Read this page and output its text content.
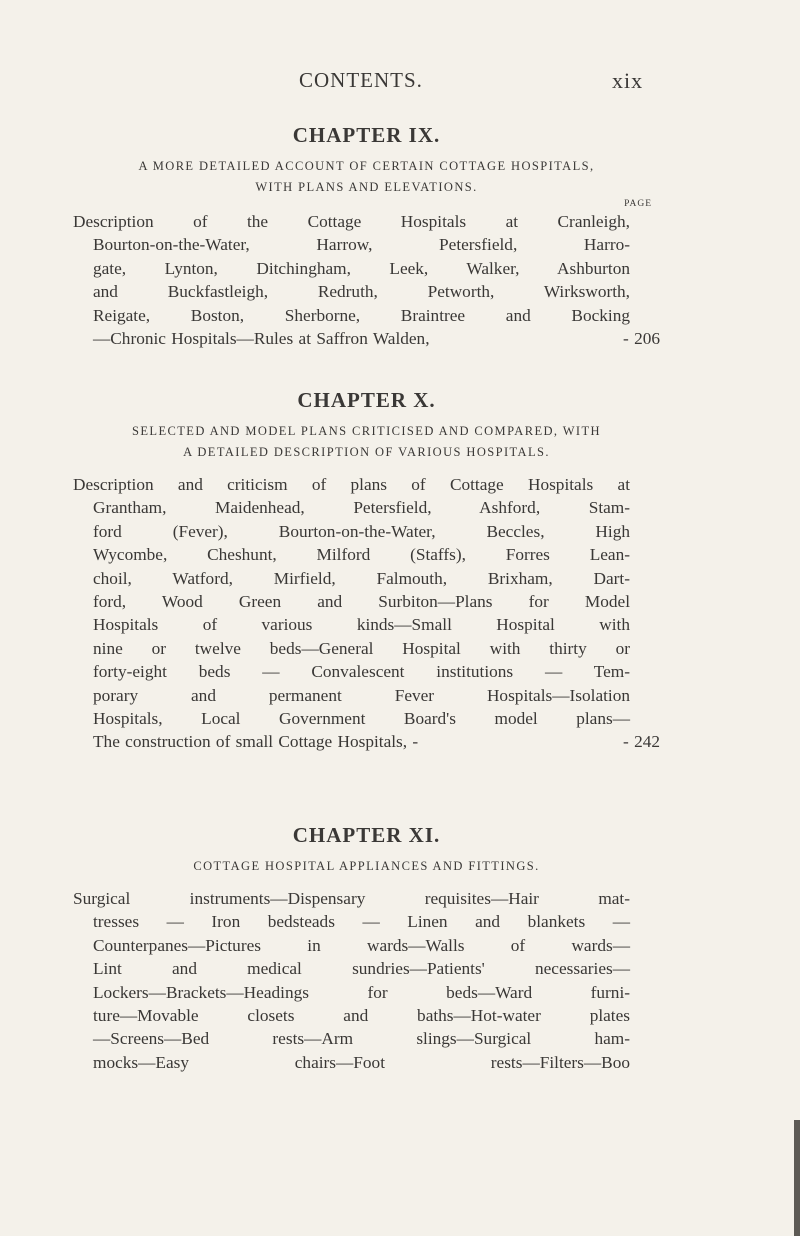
CONTENTS.	xix
CHAPTER IX.

A MORE DETAILED ACCOUNT OF CERTAIN COTTAGE HOSPITALS,

WITH PLANS AND ELEVATIONS.

PAGE

Description of the Cottage Hospitals at Cranleigh,
Bourton-on-the-Water, Harrow, Petersfield, Harro-
gate, Lynton, Ditchingham, Leek, Walker, Ashburton
and Buckfastleigh, Redruth, Petworth, Wirksworth,
Reigate, Boston, Sherborne, Braintree and Bocking
—Chronic Hospitals—Rules at Saffron Walden,	- 206
CHAPTER X.

SELECTED AND MODEL PLANS CRITICISED AND COMPARED, WITH

A DETAILED DESCRIPTION OF VARIOUS HOSPITALS.

Description and criticism of plans of Cottage Hospitals at
Grantham, Maidenhead, Petersfield, Ashford, Stam-
ford (Fever), Bourton-on-the-Water, Beccles, High
Wycombe, Cheshunt, Milford (Staffs), Forres Lean-
choil, Watford, Mirfield, Falmouth, Brixham, Dart-
ford, Wood Green and Surbiton—Plans for Model
Hospitals of various kinds—Small Hospital with
nine or twelve beds—General Hospital with thirty or
forty-eight beds — Convalescent institutions — Tem-
porary and permanent Fever Hospitals—Isolation
Hospitals, Local Government Board's model plans—
The construction of small Cottage Hospitals, -	- 242
CHAPTER XI.

COTTAGE HOSPITAL APPLIANCES AND FITTINGS.

Surgical instruments—Dispensary requisites—Hair mat-
tresses — Iron bedsteads — Linen and blankets —
Counterpanes—Pictures in wards—Walls of wards—
Lint and medical sundries—Patients' necessaries—
Lockers—Brackets—Headings for beds—Ward furni-
ture—Movable closets and baths—Hot-water plates
—Screens—Bed rests—Arm slings—Surgical ham-
mocks—Easy chairs—Foot rests—Filters—Boo
